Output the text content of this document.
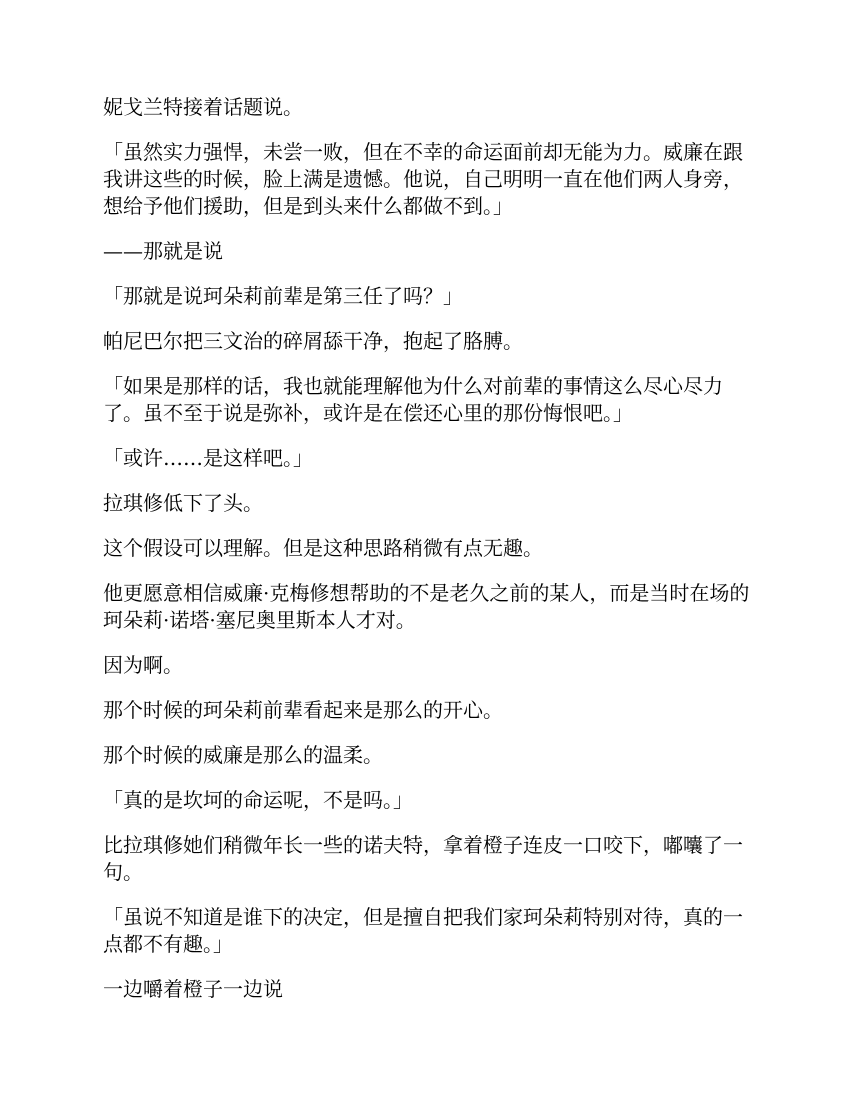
妮戈兰特接着话题说。

「虽然实力强悍，未尝一败，但在不幸的命运面前却无能为力。威廉在跟我讲这些的时候，脸上满是遗憾。他说，自己明明一直在他们两人身旁，想给予他们援助，但是到头来什么都做不到。」

——那就是说

「那就是说珂朵莉前辈是第三任了吗？」

帕尼巴尔把三文治的碎屑舔干净，抱起了胳膊。

「如果是那样的话，我也就能理解他为什么对前辈的事情这么尽心尽力了。虽不至于说是弥补，或许是在偿还心里的那份悔恨吧。」

「或许……是这样吧。」

拉琪修低下了头。

这个假设可以理解。但是这种思路稍微有点无趣。

他更愿意相信威廉·克梅修想帮助的不是老久之前的某人，而是当时在场的珂朵莉·诺塔·塞尼奥里斯本人才对。

因为啊。

那个时候的珂朵莉前辈看起来是那么的开心。

那个时候的威廉是那么的温柔。

「真的是坎坷的命运呢，不是吗。」

比拉琪修她们稍微年长一些的诺夫特，拿着橙子连皮一口咬下，嘟囔了一句。

「虽说不知道是谁下的决定，但是擅自把我们家珂朵莉特别对待，真的一点都不有趣。」

一边嚼着橙子一边说
